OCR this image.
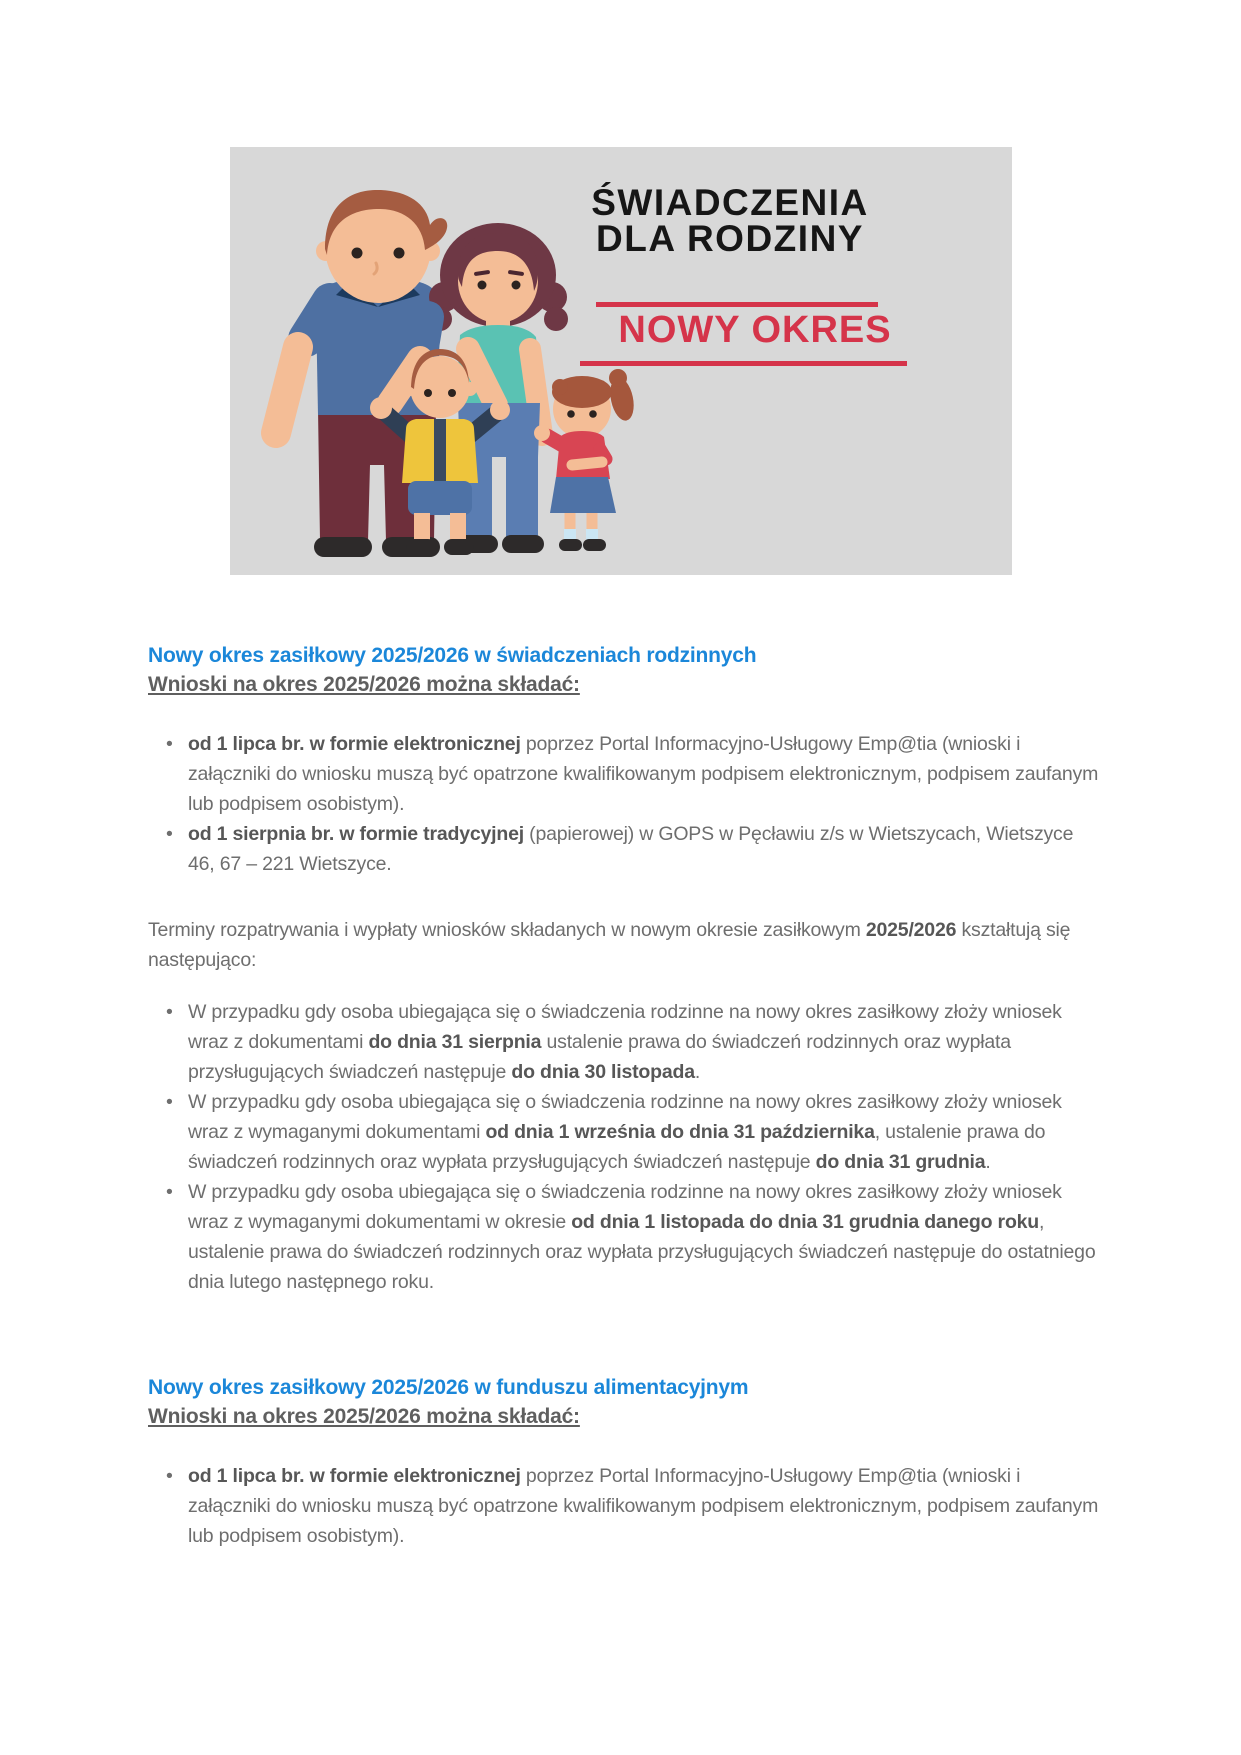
ŚWIADCZENIA
DLA RODZINY
NOWY OKRES
Nowy okres zasiłkowy 2025/2026 w świadczeniach rodzinnych
Wnioski na okres 2025/2026 można składać:
• od 1 lipca br. w formie elektronicznej poprzez Portal Informacyjno-Usługowy Emp@tia (wnioski i załączniki do wniosku muszą być opatrzone kwalifikowanym podpisem elektronicznym, podpisem zaufanym lub podpisem osobistym).
• od 1 sierpnia br. w formie tradycyjnej (papierowej) w GOPS w Pęcławiu z/s w Wietszycach, Wietszyce 46, 67 – 221 Wietszyce.
Terminy rozpatrywania i wypłaty wniosków składanych w nowym okresie zasiłkowym 2025/2026 kształtują się następująco:
• W przypadku gdy osoba ubiegająca się o świadczenia rodzinne na nowy okres zasiłkowy złoży wniosek wraz z dokumentami do dnia 31 sierpnia ustalenie prawa do świadczeń rodzinnych oraz wypłata przysługujących świadczeń następuje do dnia 30 listopada.
• W przypadku gdy osoba ubiegająca się o świadczenia rodzinne na nowy okres zasiłkowy złoży wniosek wraz z wymaganymi dokumentami od dnia 1 września do dnia 31 października, ustalenie prawa do świadczeń rodzinnych oraz wypłata przysługujących świadczeń następuje do dnia 31 grudnia.
• W przypadku gdy osoba ubiegająca się o świadczenia rodzinne na nowy okres zasiłkowy złoży wniosek wraz z wymaganymi dokumentami w okresie od dnia 1 listopada do dnia 31 grudnia danego roku, ustalenie prawa do świadczeń rodzinnych oraz wypłata przysługujących świadczeń następuje do ostatniego dnia lutego następnego roku.
Nowy okres zasiłkowy 2025/2026 w funduszu alimentacyjnym
Wnioski na okres 2025/2026 można składać:
• od 1 lipca br. w formie elektronicznej poprzez Portal Informacyjno-Usługowy Emp@tia (wnioski i załączniki do wniosku muszą być opatrzone kwalifikowanym podpisem elektronicznym, podpisem zaufanym lub podpisem osobistym).
